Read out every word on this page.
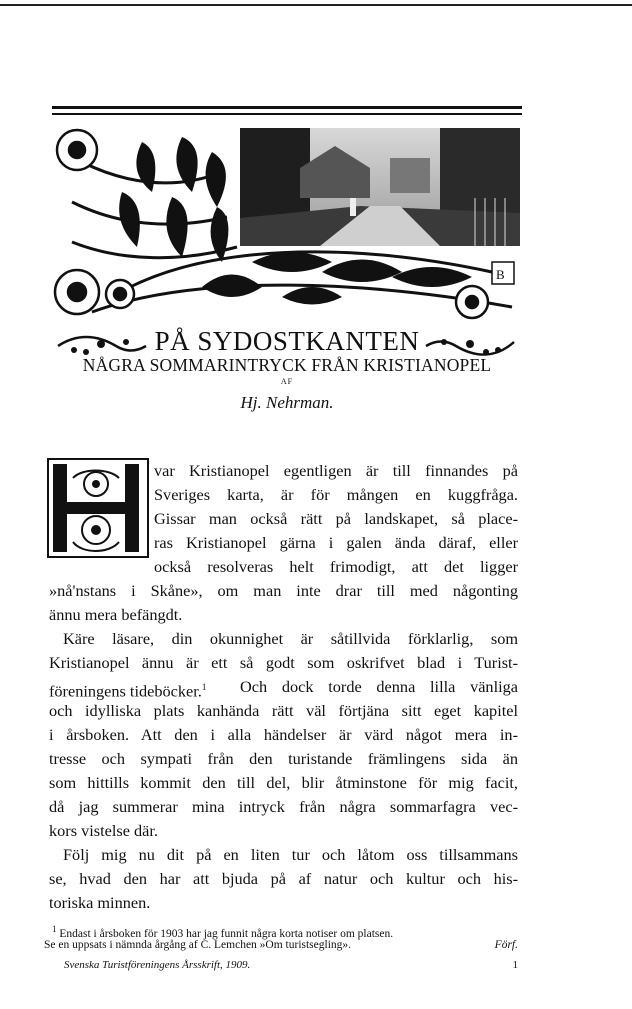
B
PÅ SYDOSTKANTEN
NÅGRA SOMMARINTRYCK FRÅN KRISTIANOPEL
AF
Hj. Nehrman.
var Kristianopel egentligen är till finnandes på
Sveriges karta, är för mången en kuggfråga.
Gissar man också rätt på landskapet, så place-
ras Kristianopel gärna i galen ända däraf, eller
också resolveras helt frimodigt, att det ligger
»nå'nstans i Skåne», om man inte drar till med någonting
ännu mera befängdt.
Käre läsare, din okunnighet är såtillvida förklarlig, som
Kristianopel ännu är ett så godt som oskrifvet blad i Turist-
föreningens tideböcker.$^1$ Och dock torde denna lilla vänliga
och idylliska plats kanhända rätt väl förtjäna sitt eget kapitel
i årsboken. Att den i alla händelser är värd något mera in-
tresse och sympati från den turistande främlingens sida än
som hittills kommit den till del, blir åtminstone för mig facit,
då jag summerar mina intryck från några sommarfagra vec-
kors vistelse där.
Följ mig nu dit på en liten tur och låtom oss tillsammans
se, hvad den har att bjuda på af natur och kultur och his-
toriska minnen.
$^1$ Endast i årsboken för 1903 har jag funnit några korta notiser om platsen.
Se en uppsats i nämnda årgång af C. Lemchen »Om turistsegling».	Förf.
Svenska Turistföreningens Årsskrift, 1909.	1
